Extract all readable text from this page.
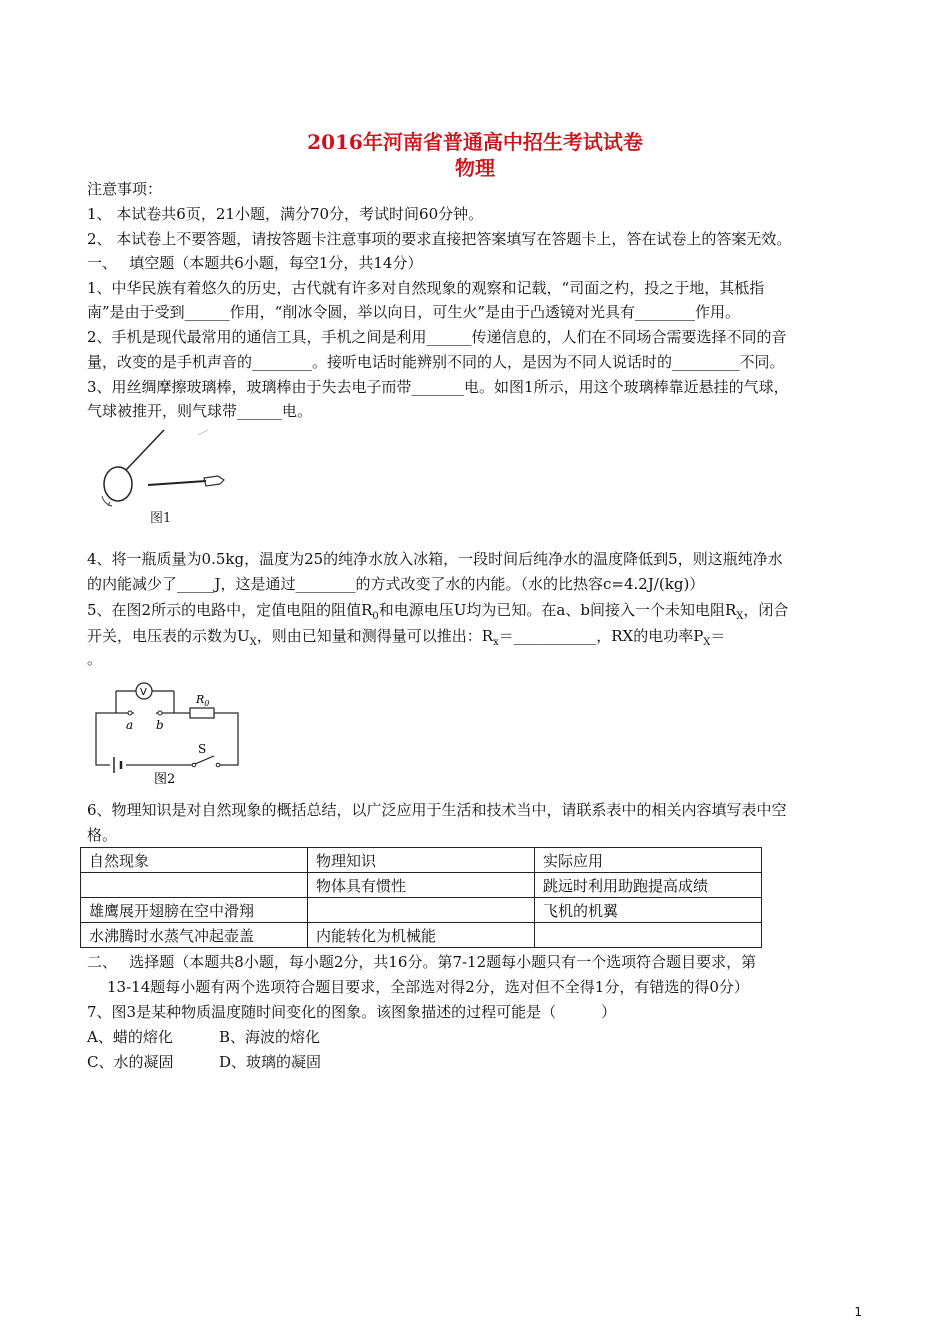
2016年河南省普通高中招生考试试卷
物理
注意事项：
1、 本试卷共6页，21小题，满分70分，考试时间60分钟。
2、 本试卷上不要答题，请按答题卡注意事项的要求直接把答案填写在答题卡上，答在试卷上的答案无效。
一、　 填空题（本题共6小题，每空1分，共14分）
1、中华民族有着悠久的历史，古代就有许多对自然现象的观察和记载，“司面之杓，投之于地，其柢指
南”是由于受到______作用，“削冰令圆，举以向日，可生火”是由于凸透镜对光具有________作用。
2、手机是现代最常用的通信工具，手机之间是利用______传递信息的，人们在不同场合需要选择不同的音
量，改变的是手机声音的________。接听电话时能辨别不同的人，是因为不同人说话时的_________不同。
3、用丝绸摩擦玻璃棒，玻璃棒由于失去电子而带_______电。如图1所示，用这个玻璃棒靠近悬挂的气球，
气球被推开，则气球带______电。
图1
4、将一瓶质量为0.5kg，温度为25的纯净水放入冰箱，一段时间后纯净水的温度降低到5，则这瓶纯净水
的内能减少了_____J，这是通过________的方式改变了水的内能。（水的比热容c=4.2J/(kg)）
5、在图2所示的电路中，定值电阻的阻值$R_0$和电源电压U均为已知。在a、b间接入一个未知电阻$R_X$，闭合
开关，电压表的示数为$U_X$，则由已知量和测得量可以推出：$R_x=\_\_\_\_\_\_\_\_\_\_\_$，RX的电功率$P_X=$
。
V
a b
$R_0$
S
图2
6、物理知识是对自然现象的概括总结，以广泛应用于生活和技术当中，请联系表中的相关内容填写表中空
格。
自然现象	物理知识	实际应用
	物体具有惯性	跳远时利用助跑提高成绩
雄鹰展开翅膀在空中滑翔		飞机的机翼
水沸腾时水蒸气冲起壶盖	内能转化为机械能	
二、　 选择题（本题共8小题，每小题2分，共16分。第7-12题每小题只有一个选项符合题目要求，第
13-14题每小题有两个选项符合题目要求，全部选对得2分，选对但不全得1分，有错选的得0分）
7、图3是某种物质温度随时间变化的图象。该图象描述的过程可能是（　　　）
A、蜡的熔化	B、海波的熔化
C、水的凝固	D、玻璃的凝固
1
